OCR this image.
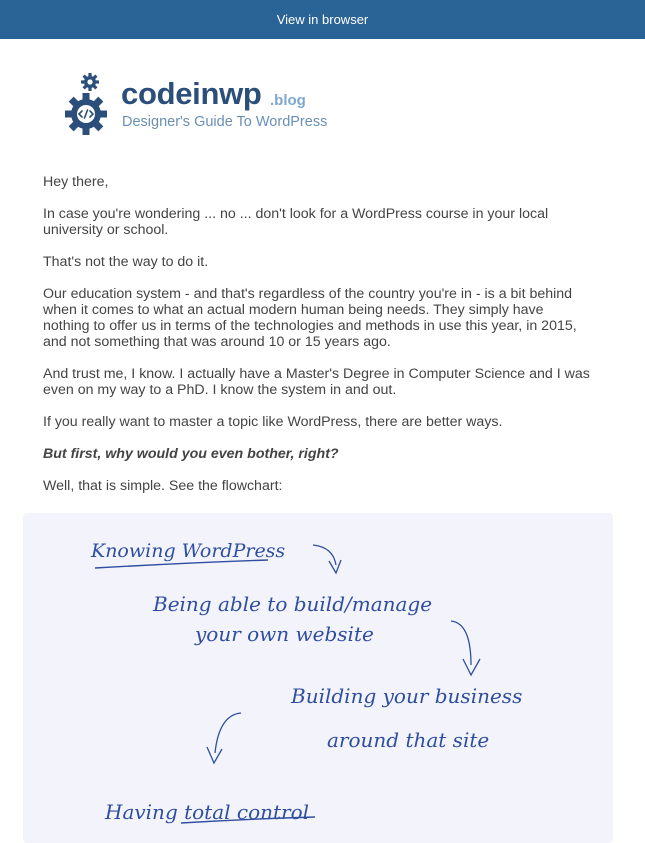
View in browser
codeinwp .blog
Designer's Guide To WordPress

Hey there,

In case you're wondering ... no ... don't look for a WordPress course in your local university or school.

That's not the way to do it.

Our education system - and that's regardless of the country you're in - is a bit behind when it comes to what an actual modern human being needs. They simply have nothing to offer us in terms of the technologies and methods in use this year, in 2015, and not something that was around 10 or 15 years ago.

And trust me, I know. I actually have a Master's Degree in Computer Science and I was even on my way to a PhD. I know the system in and out.

If you really want to master a topic like WordPress, there are better ways.

But first, why would you even bother, right?

Well, that is simple. See the flowchart:

Knowing WordPress
Being able to build/manage
your own website
Building your business
around that site
Having total control
